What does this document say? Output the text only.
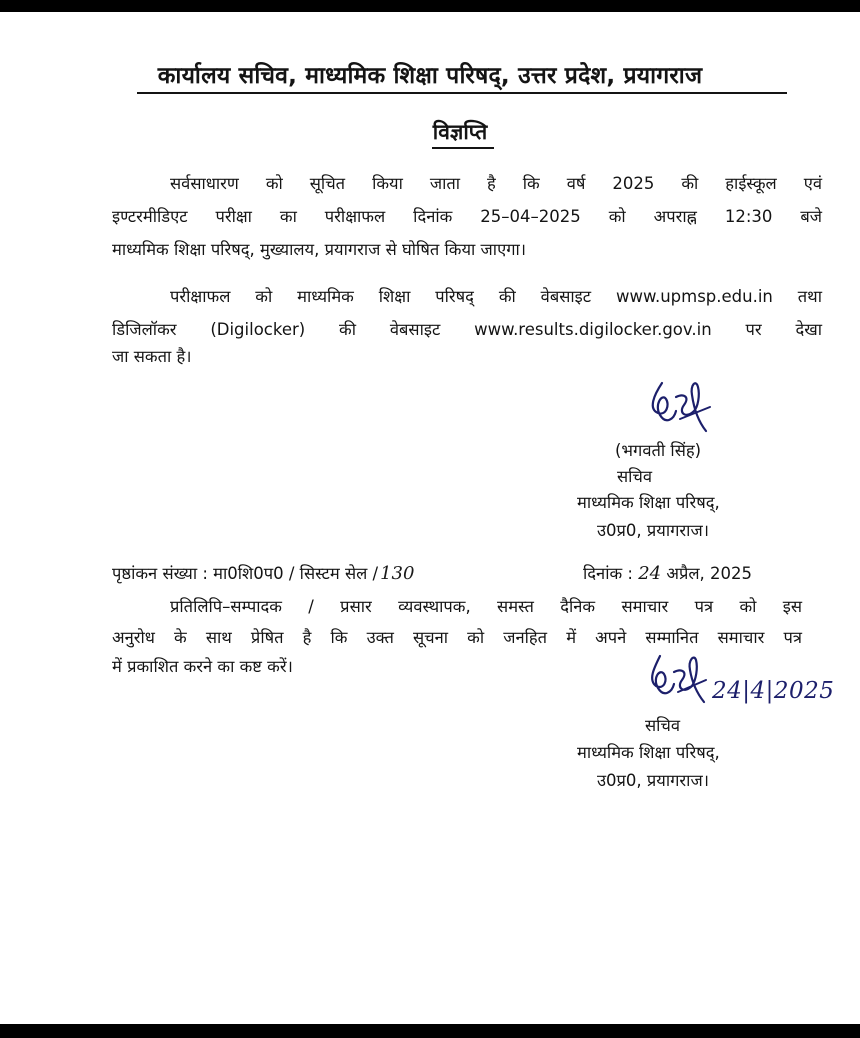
कार्यालय सचिव, माध्यमिक शिक्षा परिषद्, उत्तर प्रदेश, प्रयागराज
विज्ञप्ति
सर्वसाधारण को सूचित किया जाता है कि वर्ष 2025 की हाईस्कूल एवं
इण्टरमीडिएट परीक्षा का परीक्षाफल दिनांक 25–04–2025 को अपराह्न 12:30 बजे
माध्यमिक शिक्षा परिषद्, मुख्यालय, प्रयागराज से घोषित किया जाएगा।
परीक्षाफल को माध्यमिक शिक्षा परिषद् की वेबसाइट www.upmsp.edu.in तथा
डिजिलॉकर (Digilocker) की वेबसाइट www.results.digilocker.gov.in पर देखा
जा सकता है।
(भगवती सिंह)
सचिव
माध्यमिक शिक्षा परिषद्,
उ0प्र0, प्रयागराज।
पृष्ठांकन संख्या : मा0शि0प0 / सिस्टम सेल / 130	दिनांक : 24 अप्रैल, 2025
प्रतिलिपि–सम्पादक / प्रसार व्यवस्थापक, समस्त दैनिक समाचार पत्र को इस
अनुरोध के साथ प्रेषित है कि उक्त सूचना को जनहित में अपने सम्मानित समाचार पत्र
में प्रकाशित करने का कष्ट करें।
24|4|2025
सचिव
माध्यमिक शिक्षा परिषद्,
उ0प्र0, प्रयागराज।
